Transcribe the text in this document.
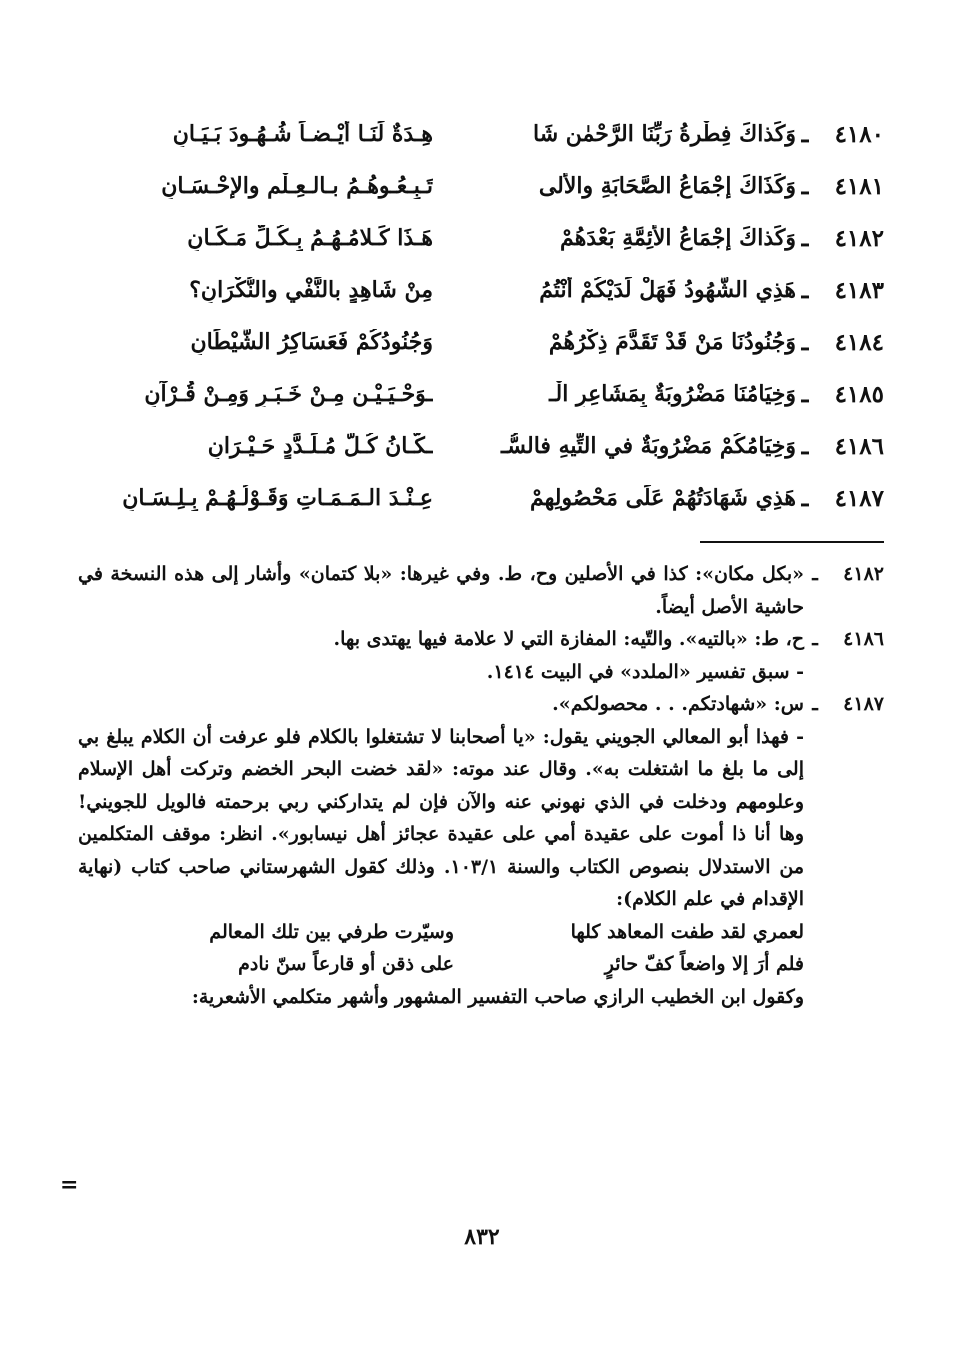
٤١٨٠
ـ
وَكَذاكَ فِطْرةُ رَبِّنَا الرَّحْمٰنِ شَا
هِـدَةٌ لَنَـا أَيْـضـاً شُـهُـودَ بَـيَـانِ
٤١٨١
ـ
وَكَذَاكَ إجْمَاعُ الصَّحَابَةِ والأُلى
تَـبِـعُـوهُـمُ بـالـعِـلْمِ والإحْـسَـانِ
٤١٨٢
ـ
وَكَذاكَ إجْمَاعُ الأَئِمَّةِ بَعْدَهُمْ
هَـذَا كَـلامُـهُـمُ بِـكُـلِّ مَـكَـانِ
٤١٨٣
ـ
هَذِي الشُّهُودُ فَهَلْ لَدَيْكُمْ أَنْتُمُ
مِنْ شَاهِدٍ بالنَّفْيِ والنُّكْرَانِ؟
٤١٨٤
ـ
وَجُنُودُنَا مَنْ قَدْ تَقَدَّمَ ذِكْرُهُمْ
وَجُنُودُكُمْ فَعَسَاكِرُ الشَّيْطَانِ
٤١٨٥
ـ
وَخِيَامُنَا مَضْرُوبَةٌ بِمَشَاعِرِ الْـ
ـوَحْـيَـيْـنِ مِـنْ خَـبَـرٍ وَمِـنْ قُـرْآنِ
٤١٨٦
ـ
وَخِيَامُكُمْ مَضْرُوبَةٌ في التِّيهِ فالسُّـ
ـكَّـانُ كُـلُّ مُـلَـدَّدٍ حَـيْـرَانِ
٤١٨٧
ـ
هَذِي شَهَادَتُهُمْ عَلَى مَحْصُولِهِمْ
عِـنْـدَ الـمَـمَـاتِ وَقَـوْلُـهُـمْ بِـلِـسَـانِ
٤١٨٢
ـ
«بكل مكان»: كذا في الأصلين وح، ط. وفي غيرها: «بلا كتمان» وأشار إلى هذه النسخة في حاشية الأصل أيضاً.
٤١٨٦
ـ
ح، ط: «بالتيه». والتّيه: المفازة التي لا علامة فيها يهتدى بها.
- سبق تفسير «الملدد» في البيت ١٤١٤.
٤١٨٧
ـ
س: «شهادتكم. . . محصولكم».
- فهذا أبو المعالي الجويني يقول: «يا أصحابنا لا تشتغلوا بالكلام فلو عرفت أن الكلام يبلغ بي إلى ما بلغ ما اشتغلت به». وقال عند موته: «لقد خضت البحر الخضم وتركت أهل الإسلام وعلومهم ودخلت في الذي نهوني عنه والآن فإن لم يتداركني ربي برحمته فالويل للجويني! وها أنا ذا أموت على عقيدة أمي على عقيدة عجائز أهل نيسابور». انظر: موقف المتكلمين من الاستدلال بنصوص الكتاب والسنة ١٠٣/١. وذلك كقول الشهرستاني صاحب كتاب (نهاية الإقدام في علم الكلام):
لعمري لقد طفت المعاهد كلها
وسيّرت طرفي بين تلك المعالم
فلم أرَ إلا واضعاً كفّ حائرٍ
على ذقن أو قارعاً سنّ نادم
وكقول ابن الخطيب الرازي صاحب التفسير المشهور وأشهر متكلمي الأشعرية:
=
٨٣٢
